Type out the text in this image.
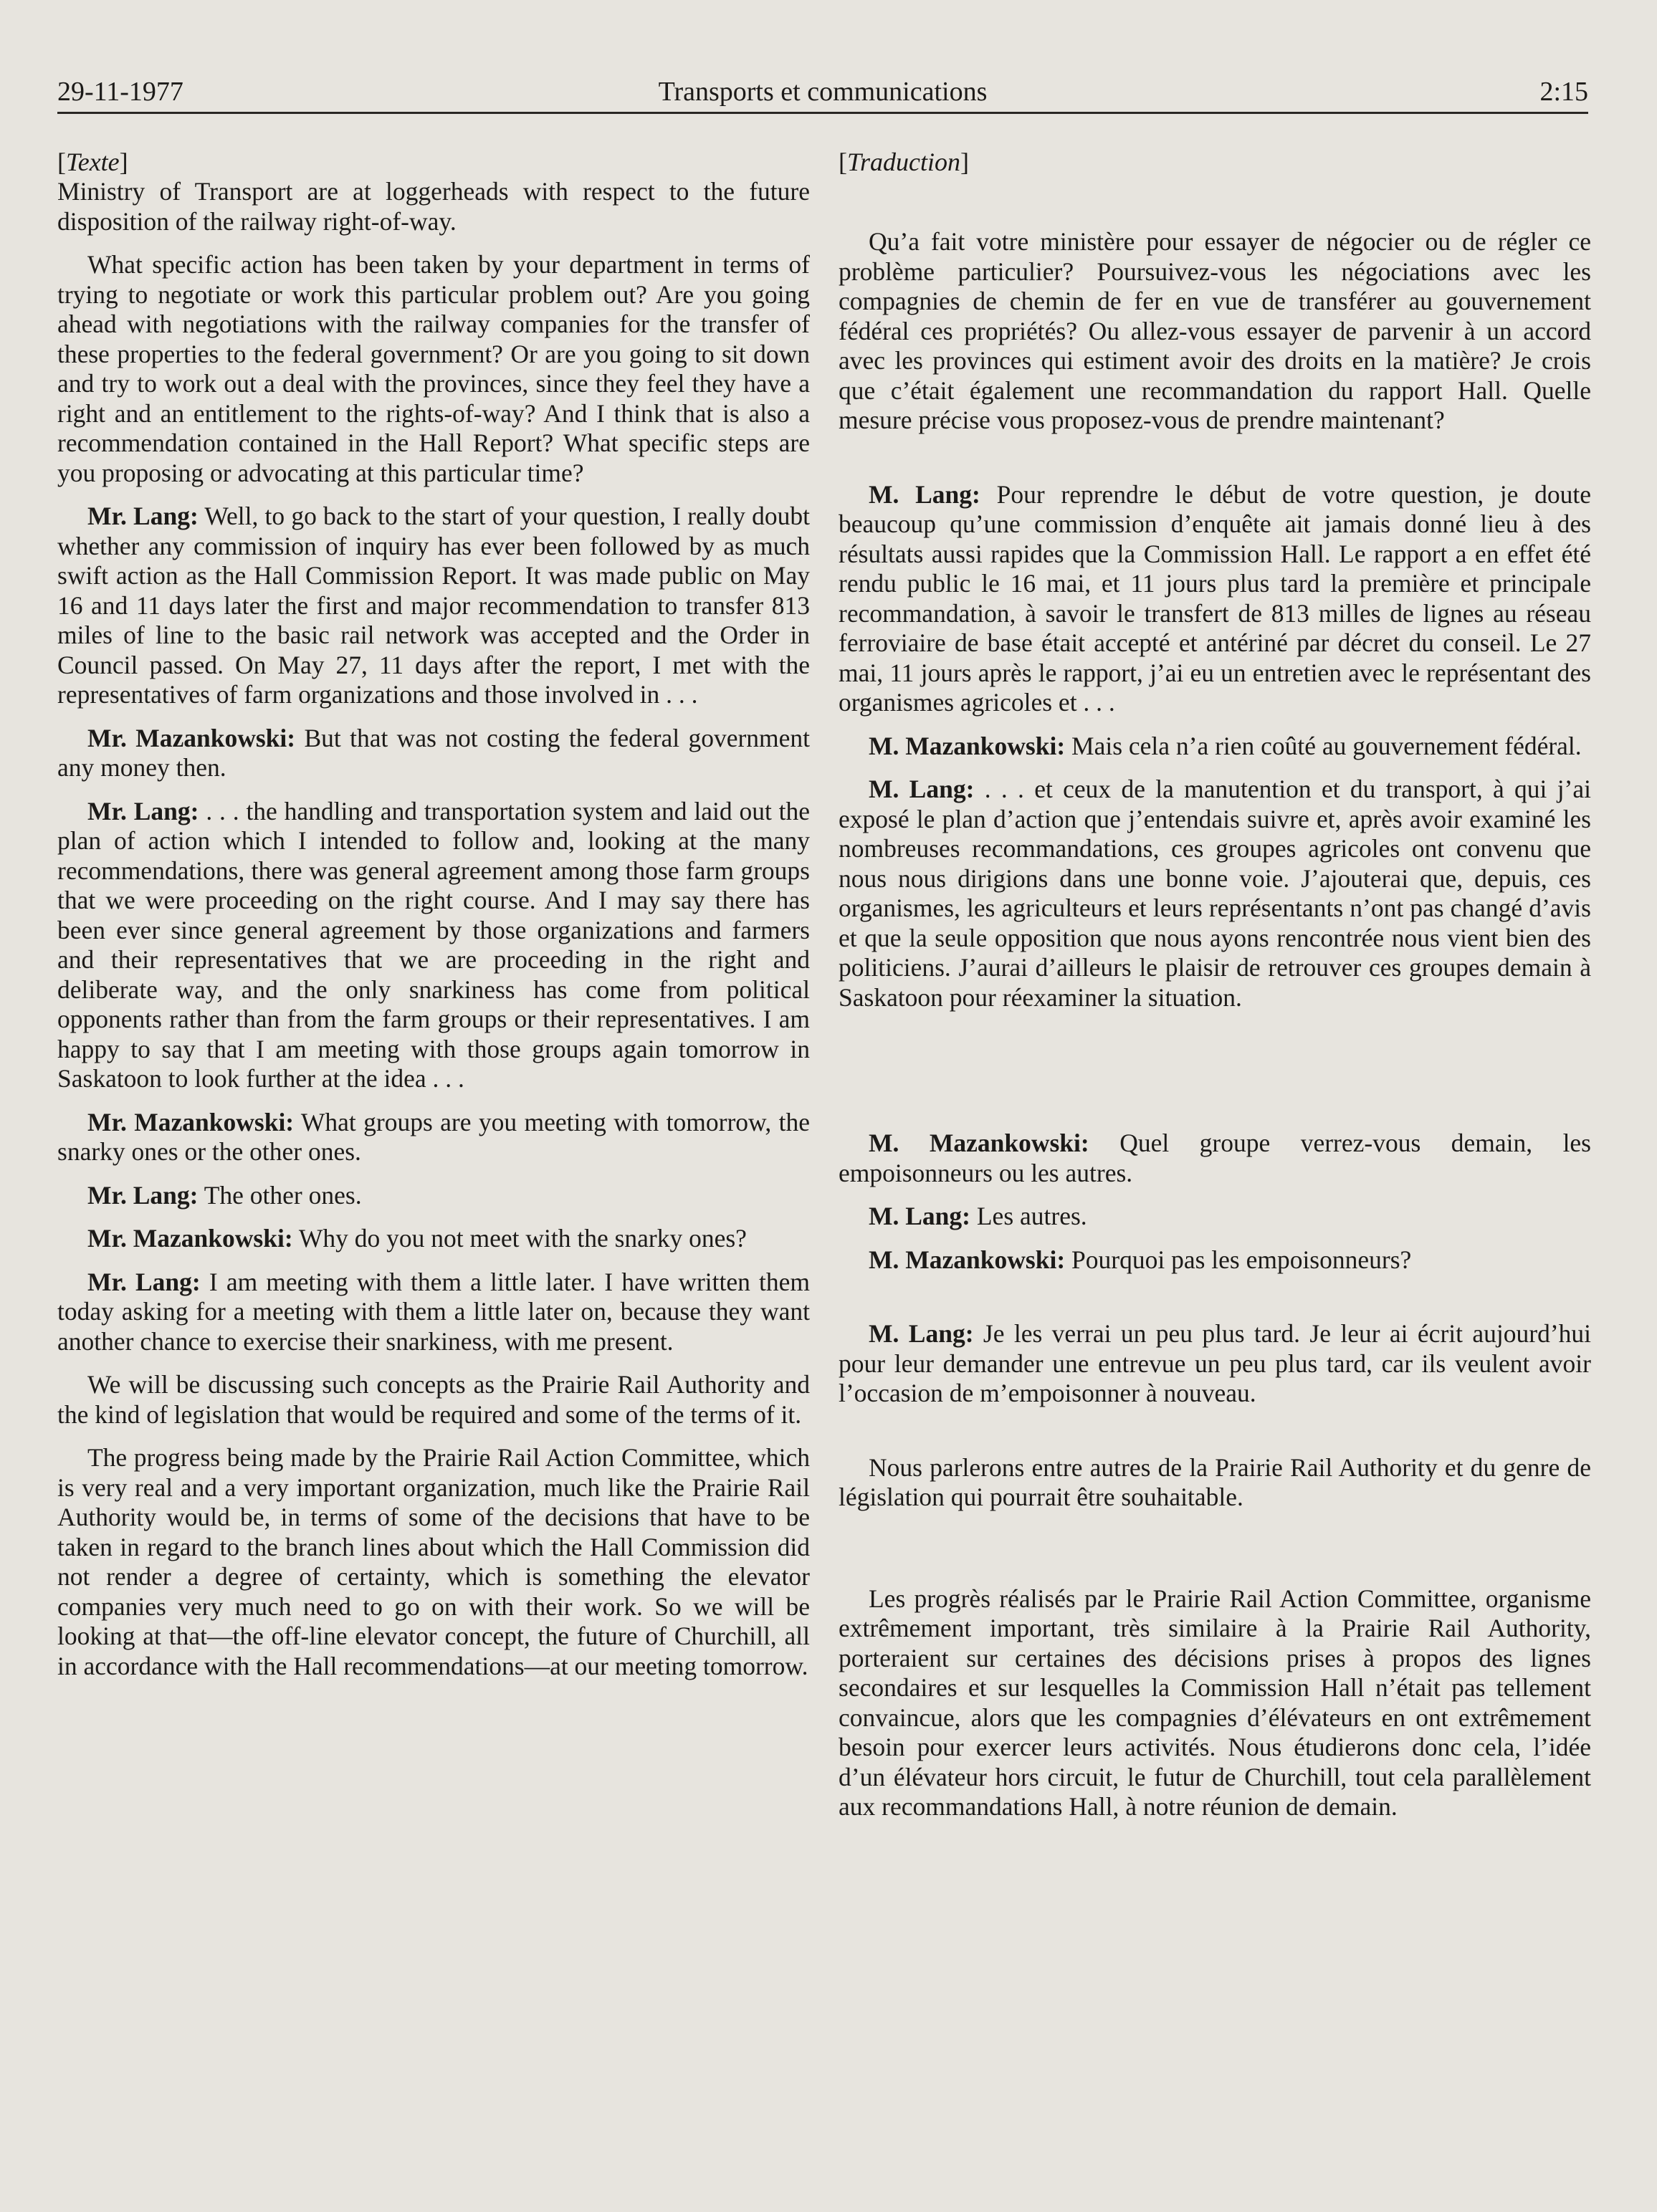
29-11-1977	Transports et communications	2:15

[Texte]

Ministry of Transport are at loggerheads with respect to the future disposition of the railway right-of-way.

What specific action has been taken by your department in terms of trying to negotiate or work this particular problem out? Are you going ahead with negotiations with the railway companies for the transfer of these properties to the federal government? Or are you going to sit down and try to work out a deal with the provinces, since they feel they have a right and an entitlement to the rights-of-way? And I think that is also a recommendation contained in the Hall Report? What specific steps are you proposing or advocating at this particular time?

Mr. Lang: Well, to go back to the start of your question, I really doubt whether any commission of inquiry has ever been followed by as much swift action as the Hall Commission Report. It was made public on May 16 and 11 days later the first and major recommendation to transfer 813 miles of line to the basic rail network was accepted and the Order in Council passed. On May 27, 11 days after the report, I met with the representatives of farm organizations and those involved in . . .

Mr. Mazankowski: But that was not costing the federal government any money then.

Mr. Lang: . . . the handling and transportation system and laid out the plan of action which I intended to follow and, looking at the many recommendations, there was general agreement among those farm groups that we were proceeding on the right course. And I may say there has been ever since general agreement by those organizations and farmers and their representatives that we are proceeding in the right and deliberate way, and the only snarkiness has come from political opponents rather than from the farm groups or their representatives. I am happy to say that I am meeting with those groups again tomorrow in Saskatoon to look further at the idea . . .

Mr. Mazankowski: What groups are you meeting with tomorrow, the snarky ones or the other ones.

Mr. Lang: The other ones.

Mr. Mazankowski: Why do you not meet with the snarky ones?

Mr. Lang: I am meeting with them a little later. I have written them today asking for a meeting with them a little later on, because they want another chance to exercise their snarkiness, with me present.

We will be discussing such concepts as the Prairie Rail Authority and the kind of legislation that would be required and some of the terms of it.

The progress being made by the Prairie Rail Action Committee, which is very real and a very important organization, much like the Prairie Rail Authority would be, in terms of some of the decisions that have to be taken in regard to the branch lines about which the Hall Commission did not render a degree of certainty, which is something the elevator companies very much need to go on with their work. So we will be looking at that—the off-line elevator concept, the future of Churchill, all in accordance with the Hall recommendations—at our meeting tomorrow.

[Traduction]

Qu’a fait votre ministère pour essayer de négocier ou de régler ce problème particulier? Poursuivez-vous les négociations avec les compagnies de chemin de fer en vue de transférer au gouvernement fédéral ces propriétés? Ou allez-vous essayer de parvenir à un accord avec les provinces qui estiment avoir des droits en la matière? Je crois que c’était également une recommandation du rapport Hall. Quelle mesure précise vous proposez-vous de prendre maintenant?

M. Lang: Pour reprendre le début de votre question, je doute beaucoup qu’une commission d’enquête ait jamais donné lieu à des résultats aussi rapides que la Commission Hall. Le rapport a en effet été rendu public le 16 mai, et 11 jours plus tard la première et principale recommandation, à savoir le transfert de 813 milles de lignes au réseau ferroviaire de base était accepté et antériné par décret du conseil. Le 27 mai, 11 jours après le rapport, j’ai eu un entretien avec le représentant des organismes agricoles et . . .

M. Mazankowski: Mais cela n’a rien coûté au gouvernement fédéral.

M. Lang: . . . et ceux de la manutention et du transport, à qui j’ai exposé le plan d’action que j’entendais suivre et, après avoir examiné les nombreuses recommandations, ces groupes agricoles ont convenu que nous nous dirigions dans une bonne voie. J’ajouterai que, depuis, ces organismes, les agriculteurs et leurs représentants n’ont pas changé d’avis et que la seule opposition que nous ayons rencontrée nous vient bien des politiciens. J’aurai d’ailleurs le plaisir de retrouver ces groupes demain à Saskatoon pour réexaminer la situation.

M. Mazankowski: Quel groupe verrez-vous demain, les empoisonneurs ou les autres.

M. Lang: Les autres.

M. Mazankowski: Pourquoi pas les empoisonneurs?

M. Lang: Je les verrai un peu plus tard. Je leur ai écrit aujourd’hui pour leur demander une entrevue un peu plus tard, car ils veulent avoir l’occasion de m’empoisonner à nouveau.

Nous parlerons entre autres de la Prairie Rail Authority et du genre de législation qui pourrait être souhaitable.

Les progrès réalisés par le Prairie Rail Action Committee, organisme extrêmement important, très similaire à la Prairie Rail Authority, porteraient sur certaines des décisions prises à propos des lignes secondaires et sur lesquelles la Commission Hall n’était pas tellement convaincue, alors que les compagnies d’élévateurs en ont extrêmement besoin pour exercer leurs activités. Nous étudierons donc cela, l’idée d’un élévateur hors circuit, le futur de Churchill, tout cela parallèlement aux recommandations Hall, à notre réunion de demain.
